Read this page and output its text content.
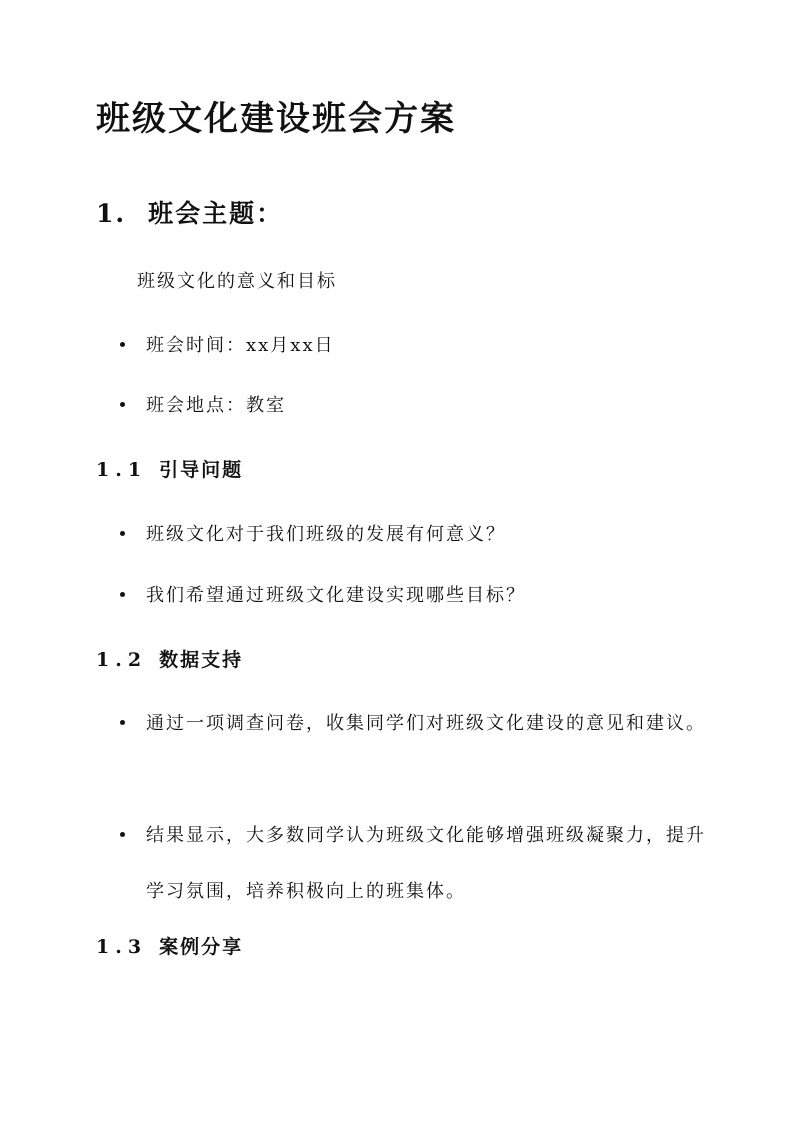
班级文化建设班会方案
1. 班会主题：

班级文化的意义和目标

班会时间：xx月xx日
班会地点：教室
1.1 引导问题
班级文化对于我们班级的发展有何意义？
我们希望通过班级文化建设实现哪些目标？
1.2 数据支持
通过一项调查问卷，收集同学们对班级文化建设的意见和建议。
结果显示，大多数同学认为班级文化能够增强班级凝聚力，提升学习氛围，培养积极向上的班集体。
1.3 案例分享
